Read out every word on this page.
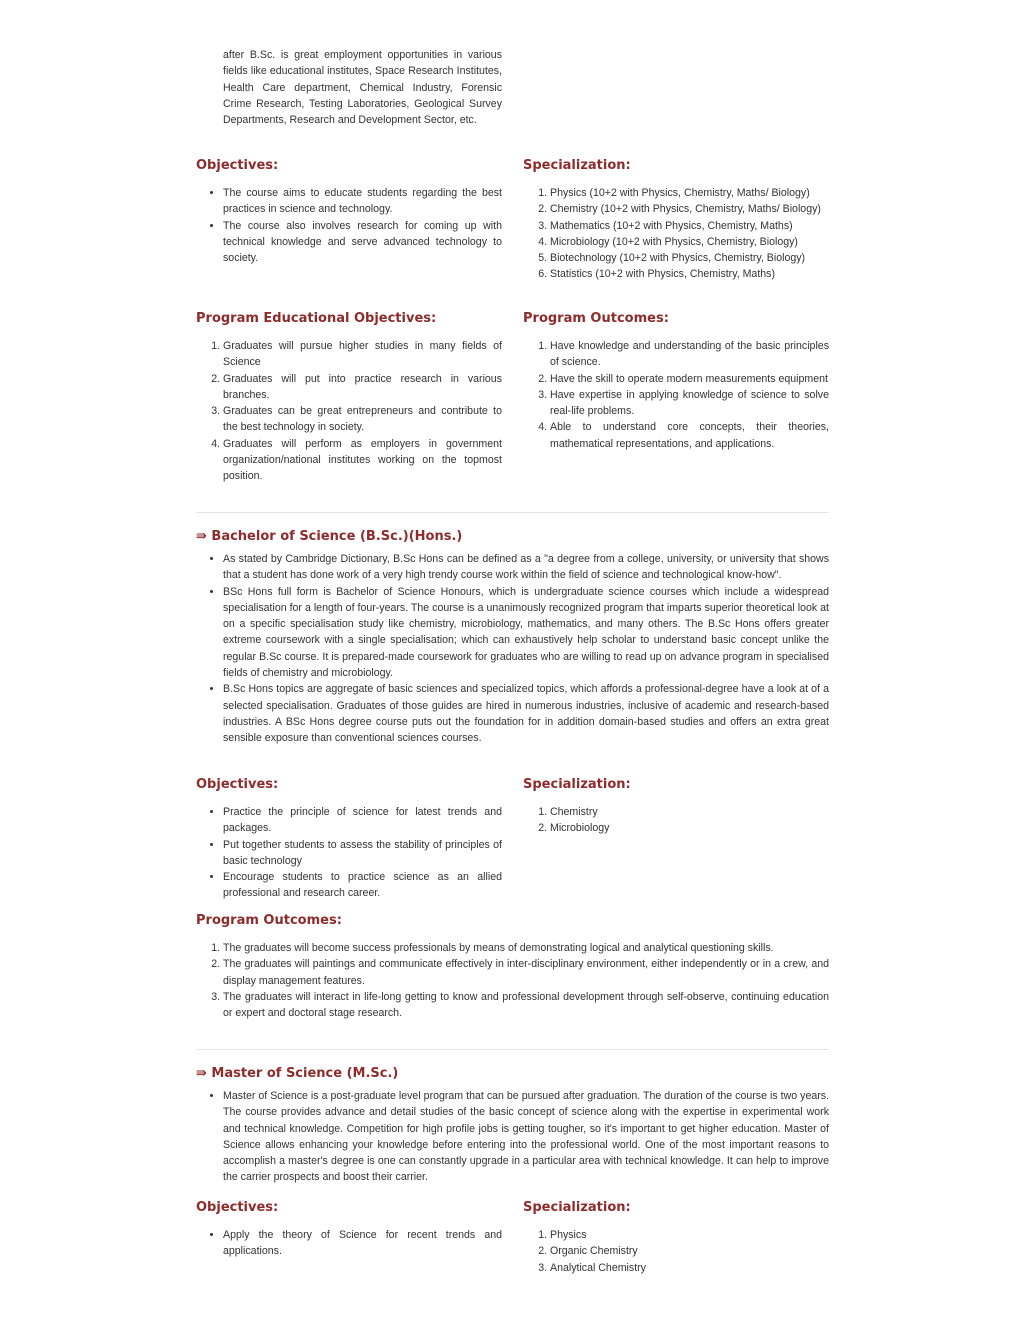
after B.Sc. is great employment opportunities in various fields like educational institutes, Space Research Institutes, Health Care department, Chemical Industry, Forensic Crime Research, Testing Laboratories, Geological Survey Departments, Research and Development Sector, etc.

Objectives:
• The course aims to educate students regarding the best practices in science and technology.
• The course also involves research for coming up with technical knowledge and serve advanced technology to society.
Specialization:
1. Physics (10+2 with Physics, Chemistry, Maths/ Biology)
2. Chemistry (10+2 with Physics, Chemistry, Maths/ Biology)
3. Mathematics (10+2 with Physics, Chemistry, Maths)
4. Microbiology (10+2 with Physics, Chemistry, Biology)
5. Biotechnology (10+2 with Physics, Chemistry, Biology)
6. Statistics (10+2 with Physics, Chemistry, Maths)
Program Educational Objectives:
1. Graduates will pursue higher studies in many fields of Science
2. Graduates will put into practice research in various branches.
3. Graduates can be great entrepreneurs and contribute to the best technology in society.
4. Graduates will perform as employers in government organization/national institutes working on the topmost position.
Program Outcomes:
1. Have knowledge and understanding of the basic principles of science.
2. Have the skill to operate modern measurements equipment
3. Have expertise in applying knowledge of science to solve real-life problems.
4. Able to understand core concepts, their theories, mathematical representations, and applications.
⇛ Bachelor of Science (B.Sc.)(Hons.)
• As stated by Cambridge Dictionary, B.Sc Hons can be defined as a "a degree from a college, university, or university that shows that a student has done work of a very high trendy course work within the field of science and technological know-how".
• BSc Hons full form is Bachelor of Science Honours, which is undergraduate science courses which include a widespread specialisation for a length of four-years. The course is a unanimously recognized program that imparts superior theoretical look at on a specific specialisation study like chemistry, microbiology, mathematics, and many others. The B.Sc Hons offers greater extreme coursework with a single specialisation; which can exhaustively help scholar to understand basic concept unlike the regular B.Sc course. It is prepared-made coursework for graduates who are willing to read up on advance program in specialised fields of chemistry and microbiology.
• B.Sc Hons topics are aggregate of basic sciences and specialized topics, which affords a professional-degree have a look at of a selected specialisation. Graduates of those guides are hired in numerous industries, inclusive of academic and research-based industries. A BSc Hons degree course puts out the foundation for in addition domain-based studies and offers an extra great sensible exposure than conventional sciences courses.
Objectives:
• Practice the principle of science for latest trends and packages.
• Put together students to assess the stability of principles of basic technology
• Encourage students to practice science as an allied professional and research career.
Specialization:
1. Chemistry
2. Microbiology
Program Outcomes:
1. The graduates will become success professionals by means of demonstrating logical and analytical questioning skills.
2. The graduates will paintings and communicate effectively in inter-disciplinary environment, either independently or in a crew, and display management features.
3. The graduates will interact in life-long getting to know and professional development through self-observe, continuing education or expert and doctoral stage research.
⇛ Master of Science (M.Sc.)
• Master of Science is a post-graduate level program that can be pursued after graduation. The duration of the course is two years. The course provides advance and detail studies of the basic concept of science along with the expertise in experimental work and technical knowledge. Competition for high profile jobs is getting tougher, so it's important to get higher education. Master of Science allows enhancing your knowledge before entering into the professional world. One of the most important reasons to accomplish a master's degree is one can constantly upgrade in a particular area with technical knowledge. It can help to improve the carrier prospects and boost their carrier.
Objectives:
• Apply the theory of Science for recent trends and applications.
Specialization:
1. Physics
2. Organic Chemistry
3. Analytical Chemistry
